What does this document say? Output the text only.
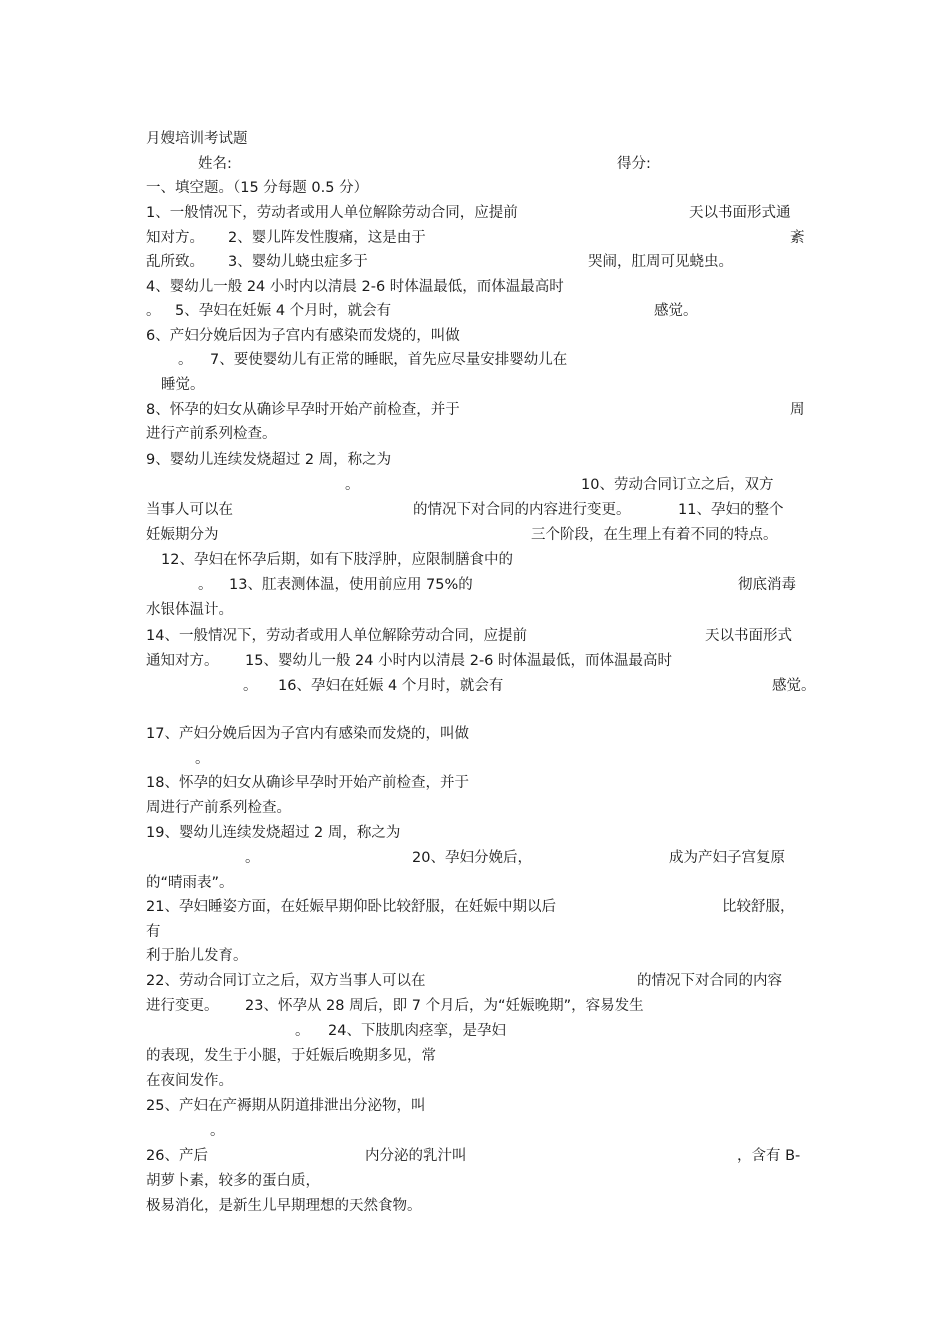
月嫂培训考试题
姓名:	得分:
一、填空题。（15 分每题 0.5 分）
1、一般情况下，劳动者或用人单位解除劳动合同，应提前	天以书面形式通
知对方。 2、婴儿阵发性腹痛，这是由于	紊
乱所致。 3、婴幼儿蛲虫症多于	哭闹，肛周可见蛲虫。
4、婴幼儿一般 24 小时内以清晨 2-6 时体温最低，而体温最高时
。 5、孕妇在妊娠 4 个月时，就会有	感觉。
6、产妇分娩后因为子宫内有感染而发烧的，叫做
。 7、要使婴幼儿有正常的睡眠，首先应尽量安排婴幼儿在
睡觉。
8、怀孕的妇女从确诊早孕时开始产前检查，并于	周
进行产前系列检查。
9、婴幼儿连续发烧超过 2 周，称之为
。	10、劳动合同订立之后，双方
当事人可以在	的情况下对合同的内容进行变更。	11、孕妇的整个
妊娠期分为	三个阶段，在生理上有着不同的特点。
12、孕妇在怀孕后期，如有下肢浮肿，应限制膳食中的
。 13、肛表测体温，使用前应用 75%的	彻底消毒
水银体温计。
14、一般情况下，劳动者或用人单位解除劳动合同，应提前	天以书面形式
通知对方。 15、婴幼儿一般 24 小时内以清晨 2-6 时体温最低，而体温最高时
。 16、孕妇在妊娠 4 个月时，就会有	感觉。
17、产妇分娩后因为子宫内有感染而发烧的，叫做
。
18、怀孕的妇女从确诊早孕时开始产前检查，并于
周进行产前系列检查。
19、婴幼儿连续发烧超过 2 周，称之为
。	20、孕妇分娩后，	成为产妇子宫复原
的“晴雨表”。
21、孕妇睡姿方面，在妊娠早期仰卧比较舒服，在妊娠中期以后	比较舒服，
有
利于胎儿发育。
22、劳动合同订立之后，双方当事人可以在	的情况下对合同的内容
进行变更。 23、怀孕从 28 周后，即 7 个月后，为“妊娠晚期”，容易发生
。 24、下肢肌肉痉挛，是孕妇
的表现，发生于小腿，于妊娠后晚期多见，常
在夜间发作。
25、产妇在产褥期从阴道排泄出分泌物，叫
。
26、产后	内分泌的乳汁叫	，含有 B-
胡萝卜素，较多的蛋白质，
极易消化，是新生儿早期理想的天然食物。
